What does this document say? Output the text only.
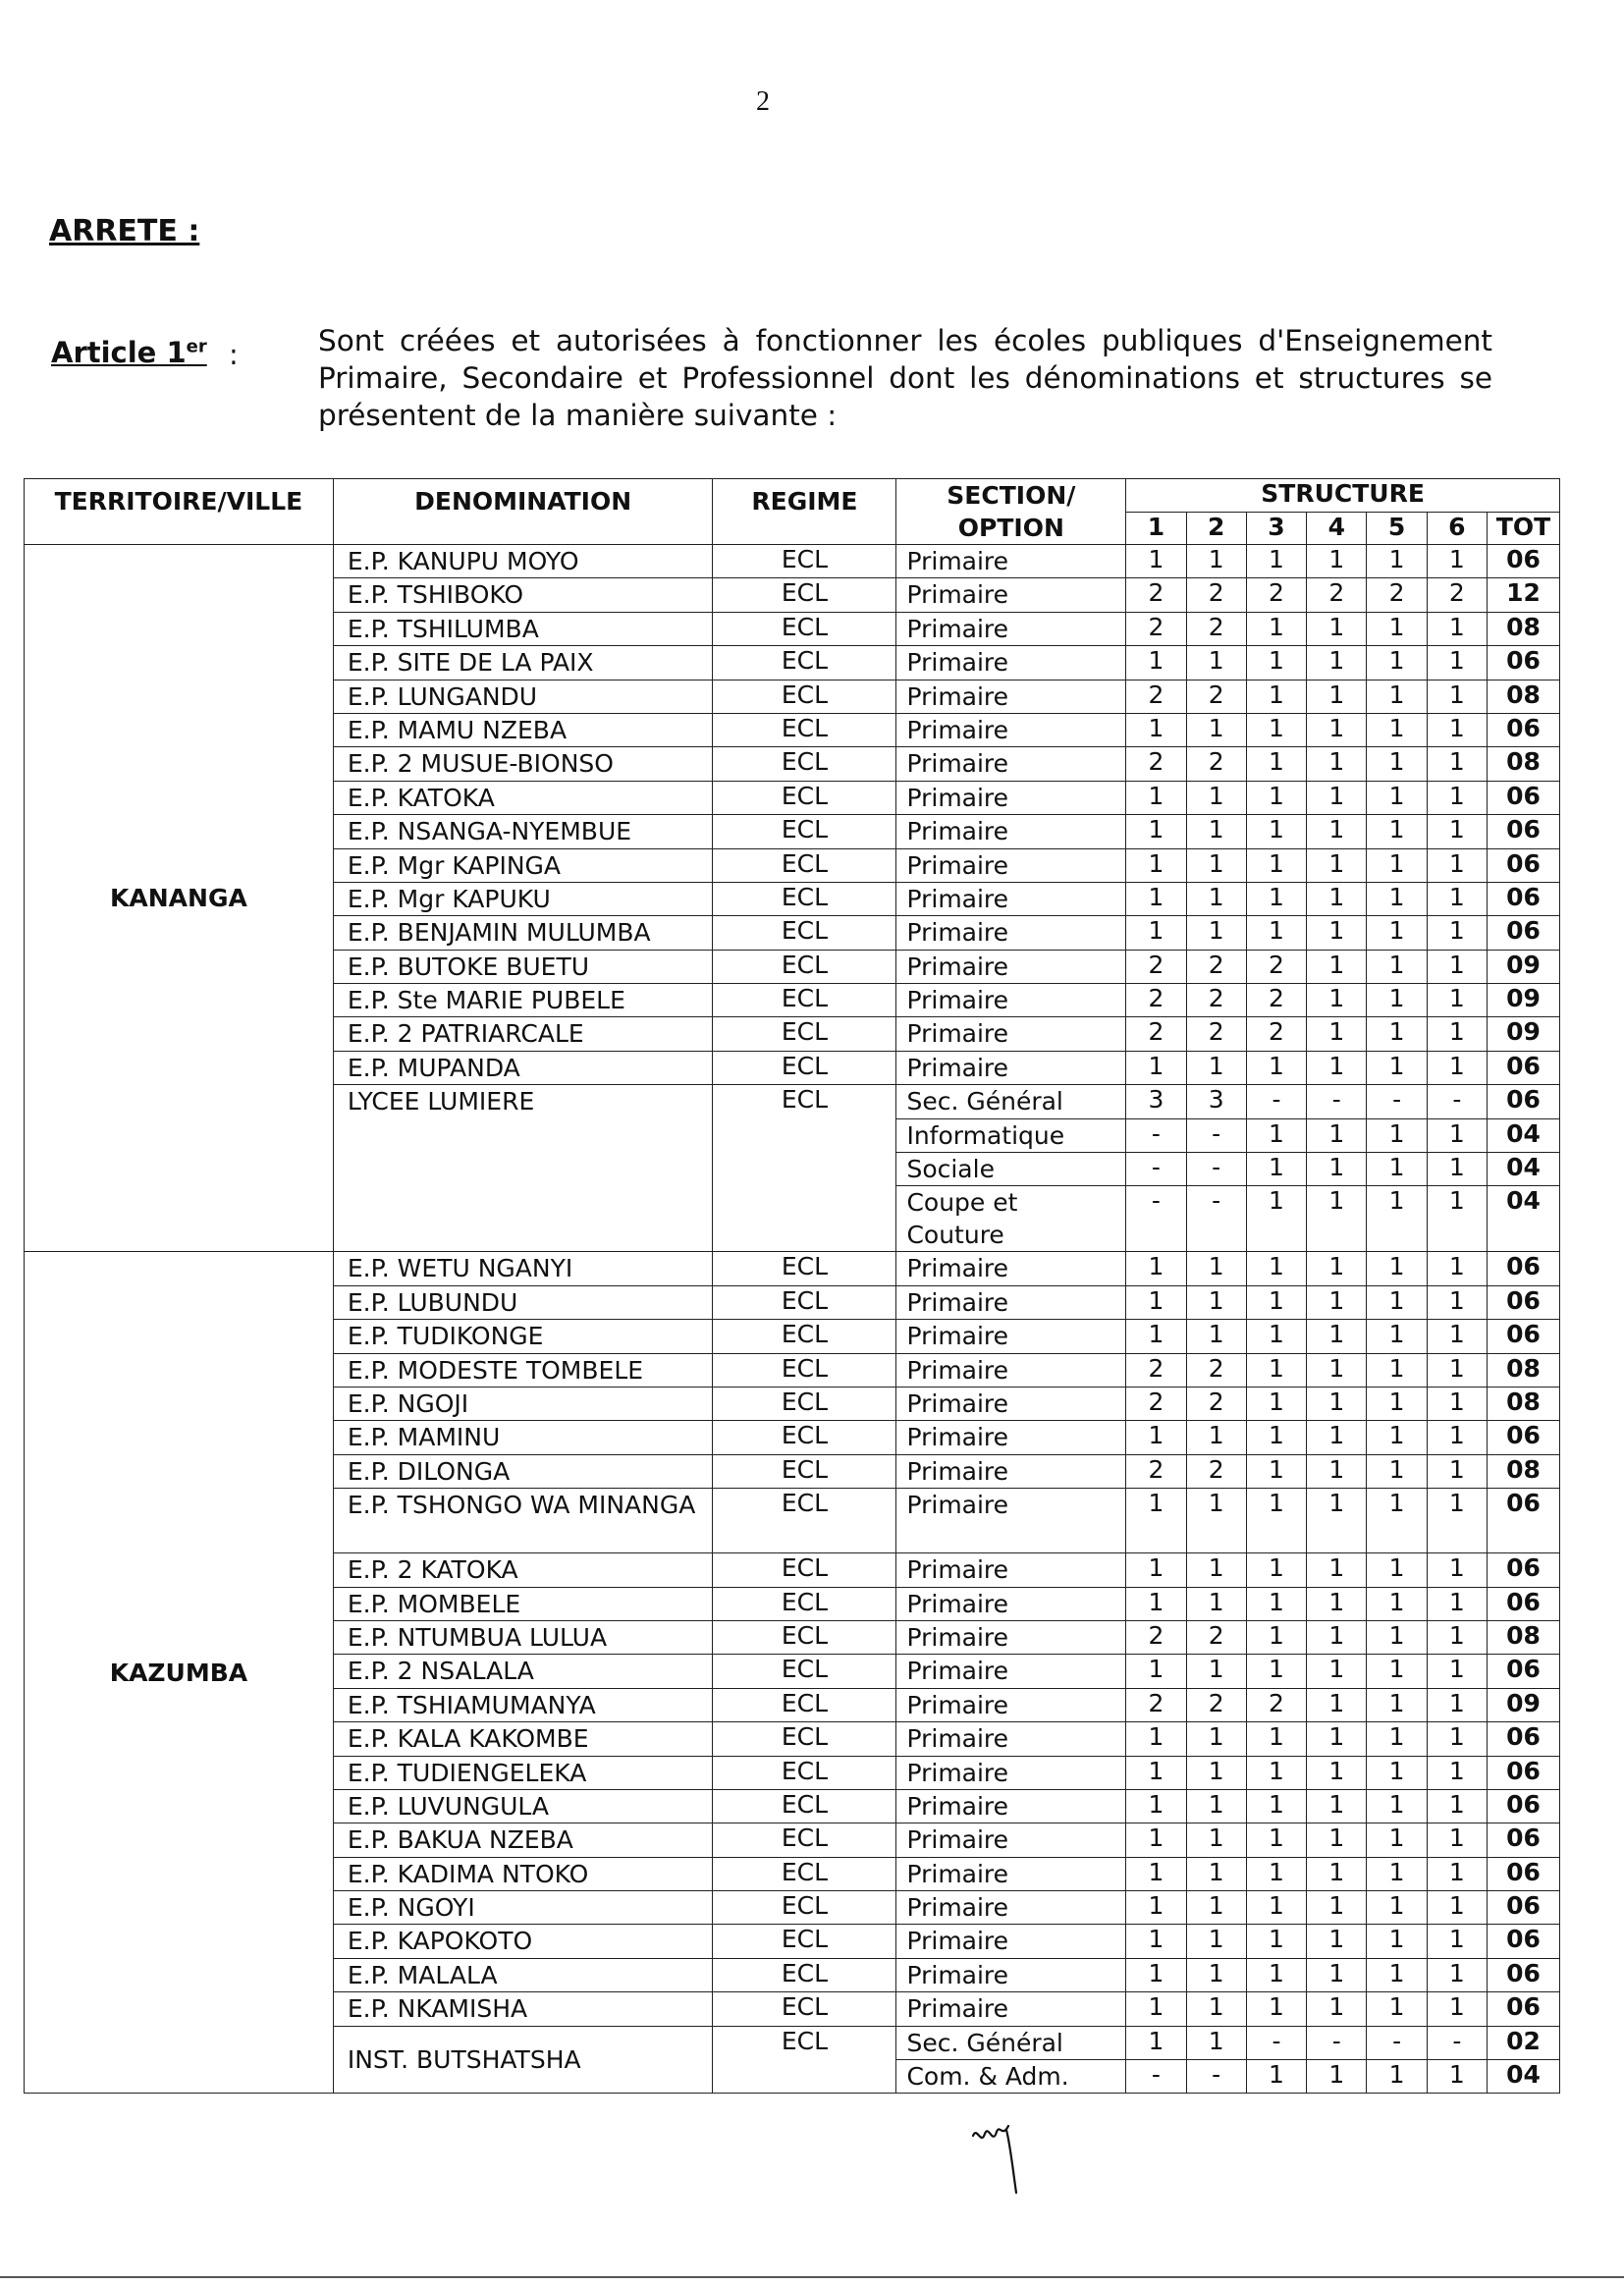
2
ARRETE :
Article 1er :	Sont créées et autorisées à fonctionner les écoles publiques d'Enseignement Primaire, Secondaire et Professionnel dont les dénominations et structures se présentent de la manière suivante :
TERRITOIRE/VILLE	DENOMINATION	REGIME	SECTION/ OPTION	STRUCTURE						
				1	2	3	4	5	6	TOT
KANANGA	E.P. KANUPU MOYO	ECL	Primaire	1	1	1	1	1	1	06
	E.P. TSHIBOKO	ECL	Primaire	2	2	2	2	2	2	12
	E.P. TSHILUMBA	ECL	Primaire	2	2	1	1	1	1	08
	E.P. SITE DE LA PAIX	ECL	Primaire	1	1	1	1	1	1	06
	E.P. LUNGANDU	ECL	Primaire	2	2	1	1	1	1	08
	E.P. MAMU NZEBA	ECL	Primaire	1	1	1	1	1	1	06
	E.P. 2 MUSUE-BIONSO	ECL	Primaire	2	2	1	1	1	1	08
	E.P. KATOKA	ECL	Primaire	1	1	1	1	1	1	06
	E.P. NSANGA-NYEMBUE	ECL	Primaire	1	1	1	1	1	1	06
	E.P. Mgr KAPINGA	ECL	Primaire	1	1	1	1	1	1	06
	E.P. Mgr KAPUKU	ECL	Primaire	1	1	1	1	1	1	06
	E.P. BENJAMIN MULUMBA	ECL	Primaire	1	1	1	1	1	1	06
	E.P. BUTOKE BUETU	ECL	Primaire	2	2	2	1	1	1	09
	E.P. Ste MARIE PUBELE	ECL	Primaire	2	2	2	1	1	1	09
	E.P. 2 PATRIARCALE	ECL	Primaire	2	2	2	1	1	1	09
	E.P. MUPANDA	ECL	Primaire	1	1	1	1	1	1	06
	LYCEE LUMIERE	ECL	Sec. Général	3	3	-	-	-	-	06
			Informatique	-	-	1	1	1	1	04
			Sociale	-	-	1	1	1	1	04
			Coupe et Couture	-	-	1	1	1	1	04
KAZUMBA	E.P. WETU NGANYI	ECL	Primaire	1	1	1	1	1	1	06
	E.P. LUBUNDU	ECL	Primaire	1	1	1	1	1	1	06
	E.P. TUDIKONGE	ECL	Primaire	1	1	1	1	1	1	06
	E.P. MODESTE TOMBELE	ECL	Primaire	2	2	1	1	1	1	08
	E.P. NGOJI	ECL	Primaire	2	2	1	1	1	1	08
	E.P. MAMINU	ECL	Primaire	1	1	1	1	1	1	06
	E.P. DILONGA	ECL	Primaire	2	2	1	1	1	1	08
	E.P. TSHONGO WA MINANGA	ECL	Primaire	1	1	1	1	1	1	06
	E.P. 2 KATOKA	ECL	Primaire	1	1	1	1	1	1	06
	E.P. MOMBELE	ECL	Primaire	1	1	1	1	1	1	06
	E.P. NTUMBUA LULUA	ECL	Primaire	2	2	1	1	1	1	08
	E.P. 2 NSALALA	ECL	Primaire	1	1	1	1	1	1	06
	E.P. TSHIAMUMANYA	ECL	Primaire	2	2	2	1	1	1	09
	E.P. KALA KAKOMBE	ECL	Primaire	1	1	1	1	1	1	06
	E.P. TUDIENGELEKA	ECL	Primaire	1	1	1	1	1	1	06
	E.P. LUVUNGULA	ECL	Primaire	1	1	1	1	1	1	06
	E.P. BAKUA NZEBA	ECL	Primaire	1	1	1	1	1	1	06
	E.P. KADIMA NTOKO	ECL	Primaire	1	1	1	1	1	1	06
	E.P. NGOYI	ECL	Primaire	1	1	1	1	1	1	06
	E.P. KAPOKOTO	ECL	Primaire	1	1	1	1	1	1	06
	E.P. MALALA	ECL	Primaire	1	1	1	1	1	1	06
	E.P. NKAMISHA	ECL	Primaire	1	1	1	1	1	1	06
	INST. BUTSHATSHA	ECL	Sec. Général	1	1	-	-	-	-	02
			Com. & Adm.	-	-	1	1	1	1	04
